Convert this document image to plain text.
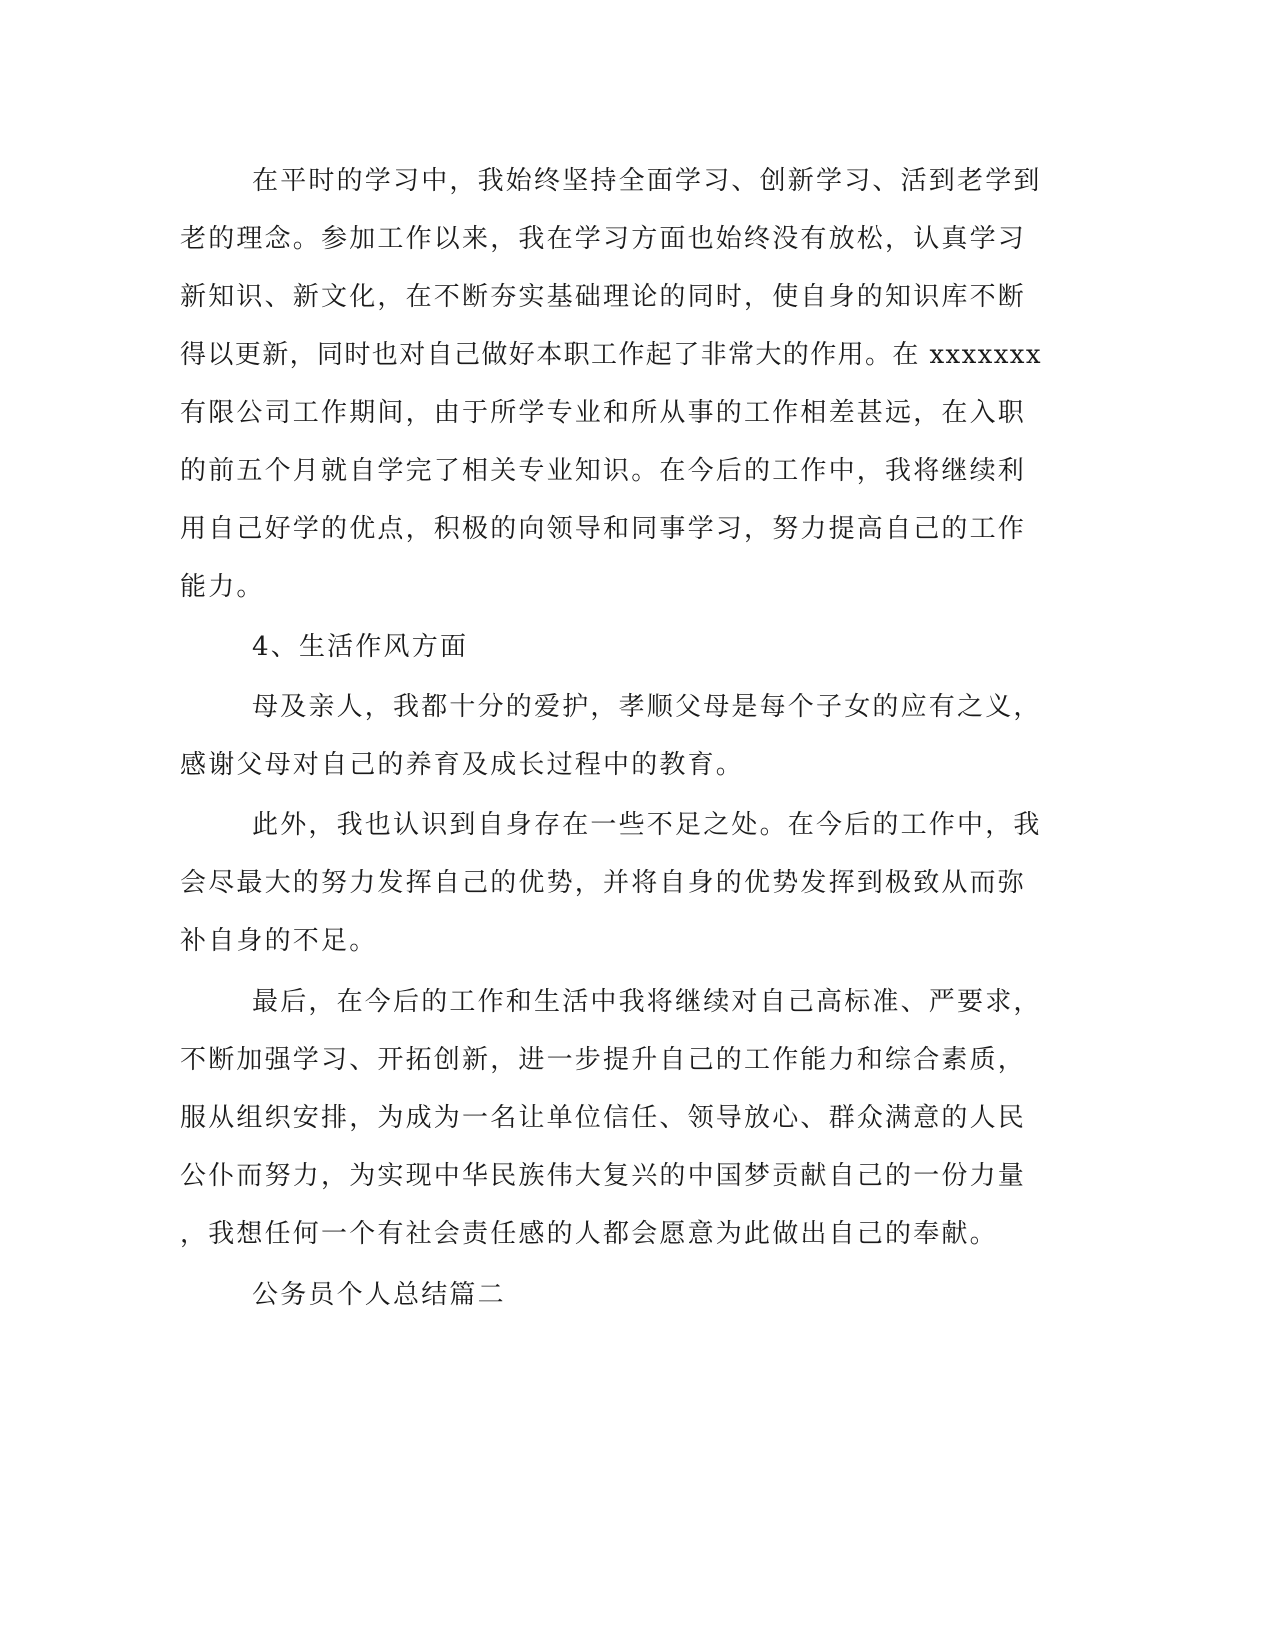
在平时的学习中，我始终坚持全面学习、创新学习、活到老学到
老的理念。参加工作以来，我在学习方面也始终没有放松，认真学习
新知识、新文化，在不断夯实基础理论的同时，使自身的知识库不断
得以更新，同时也对自己做好本职工作起了非常大的作用。在 xxxxxxx
有限公司工作期间，由于所学专业和所从事的工作相差甚远，在入职
的前五个月就自学完了相关专业知识。在今后的工作中，我将继续利
用自己好学的优点，积极的向领导和同事学习，努力提高自己的工作
能力。
4、生活作风方面
母及亲人，我都十分的爱护，孝顺父母是每个子女的应有之义，
感谢父母对自己的养育及成长过程中的教育。
此外，我也认识到自身存在一些不足之处。在今后的工作中，我
会尽最大的努力发挥自己的优势，并将自身的优势发挥到极致从而弥
补自身的不足。
最后，在今后的工作和生活中我将继续对自己高标准、严要求，
不断加强学习、开拓创新，进一步提升自己的工作能力和综合素质，
服从组织安排，为成为一名让单位信任、领导放心、群众满意的人民
公仆而努力，为实现中华民族伟大复兴的中国梦贡献自己的一份力量
，我想任何一个有社会责任感的人都会愿意为此做出自己的奉献。
公务员个人总结篇二
